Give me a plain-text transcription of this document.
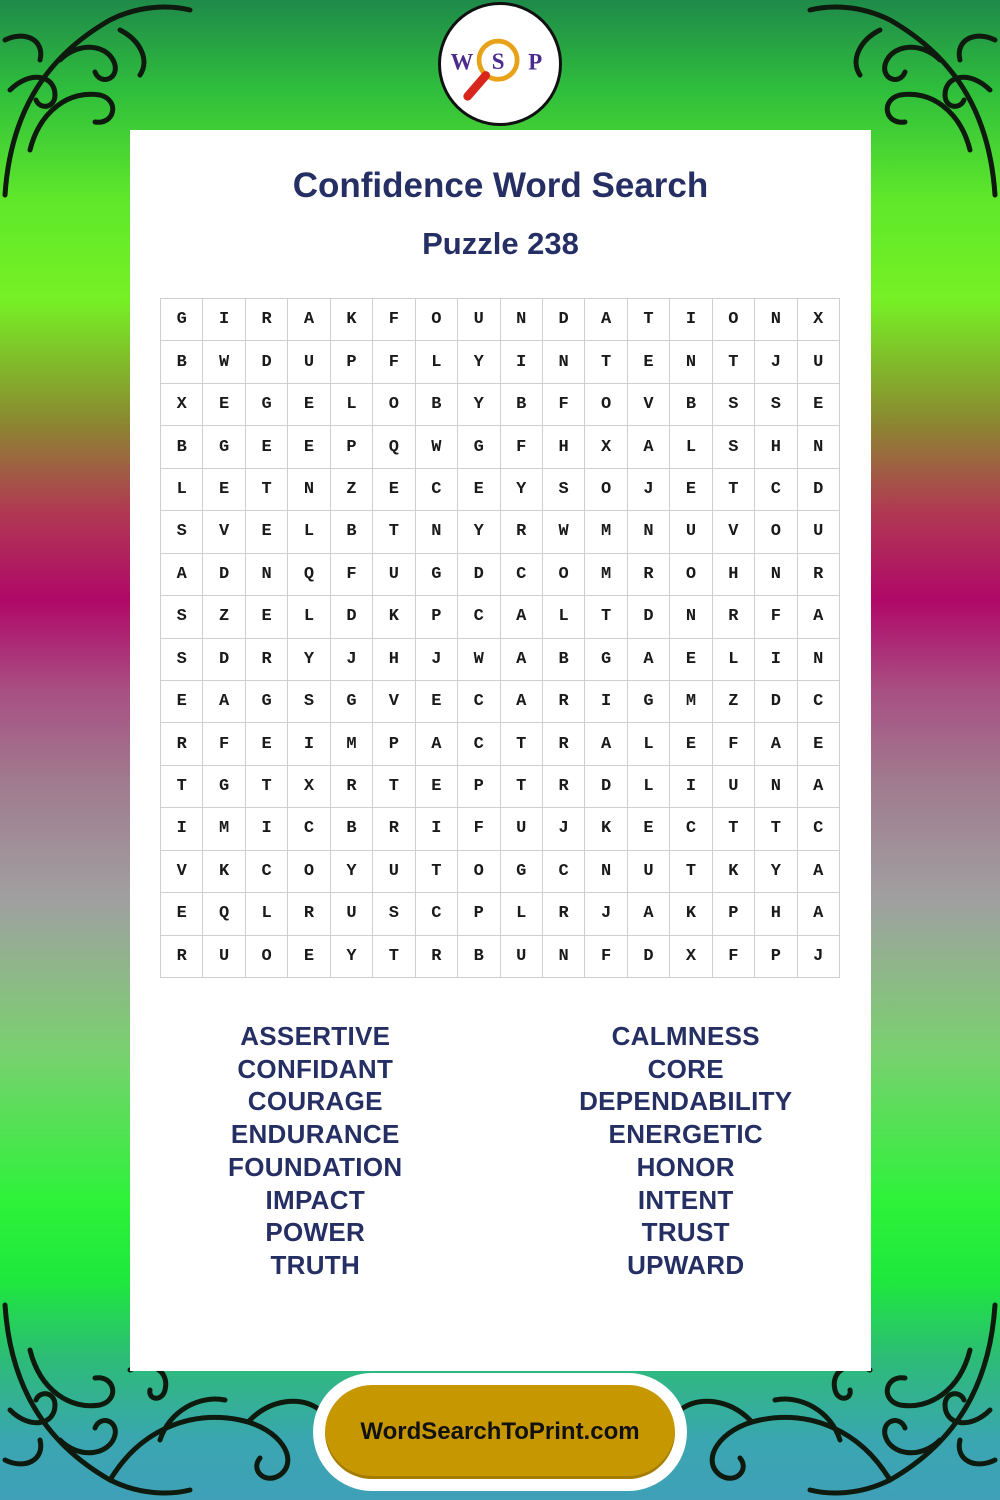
W S P
Confidence Word Search
Puzzle 238
G	I	R	A	K	F	O	U	N	D	A	T	I	O	N	X
B	W	D	U	P	F	L	Y	I	N	T	E	N	T	J	U
X	E	G	E	L	O	B	Y	B	F	O	V	B	S	S	E
B	G	E	E	P	Q	W	G	F	H	X	A	L	S	H	N
L	E	T	N	Z	E	C	E	Y	S	O	J	E	T	C	D
S	V	E	L	B	T	N	Y	R	W	M	N	U	V	O	U
A	D	N	Q	F	U	G	D	C	O	M	R	O	H	N	R
S	Z	E	L	D	K	P	C	A	L	T	D	N	R	F	A
S	D	R	Y	J	H	J	W	A	B	G	A	E	L	I	N
E	A	G	S	G	V	E	C	A	R	I	G	M	Z	D	C
R	F	E	I	M	P	A	C	T	R	A	L	E	F	A	E
T	G	T	X	R	T	E	P	T	R	D	L	I	U	N	A
I	M	I	C	B	R	I	F	U	J	K	E	C	T	T	C
V	K	C	O	Y	U	T	O	G	C	N	U	T	K	Y	A
E	Q	L	R	U	S	C	P	L	R	J	A	K	P	H	A
R	U	O	E	Y	T	R	B	U	N	F	D	X	F	P	J
ASSERTIVE
CONFIDANT
COURAGE
ENDURANCE
FOUNDATION
IMPACT
POWER
TRUTH
CALMNESS
CORE
DEPENDABILITY
ENERGETIC
HONOR
INTENT
TRUST
UPWARD
WordSearchToPrint.com
